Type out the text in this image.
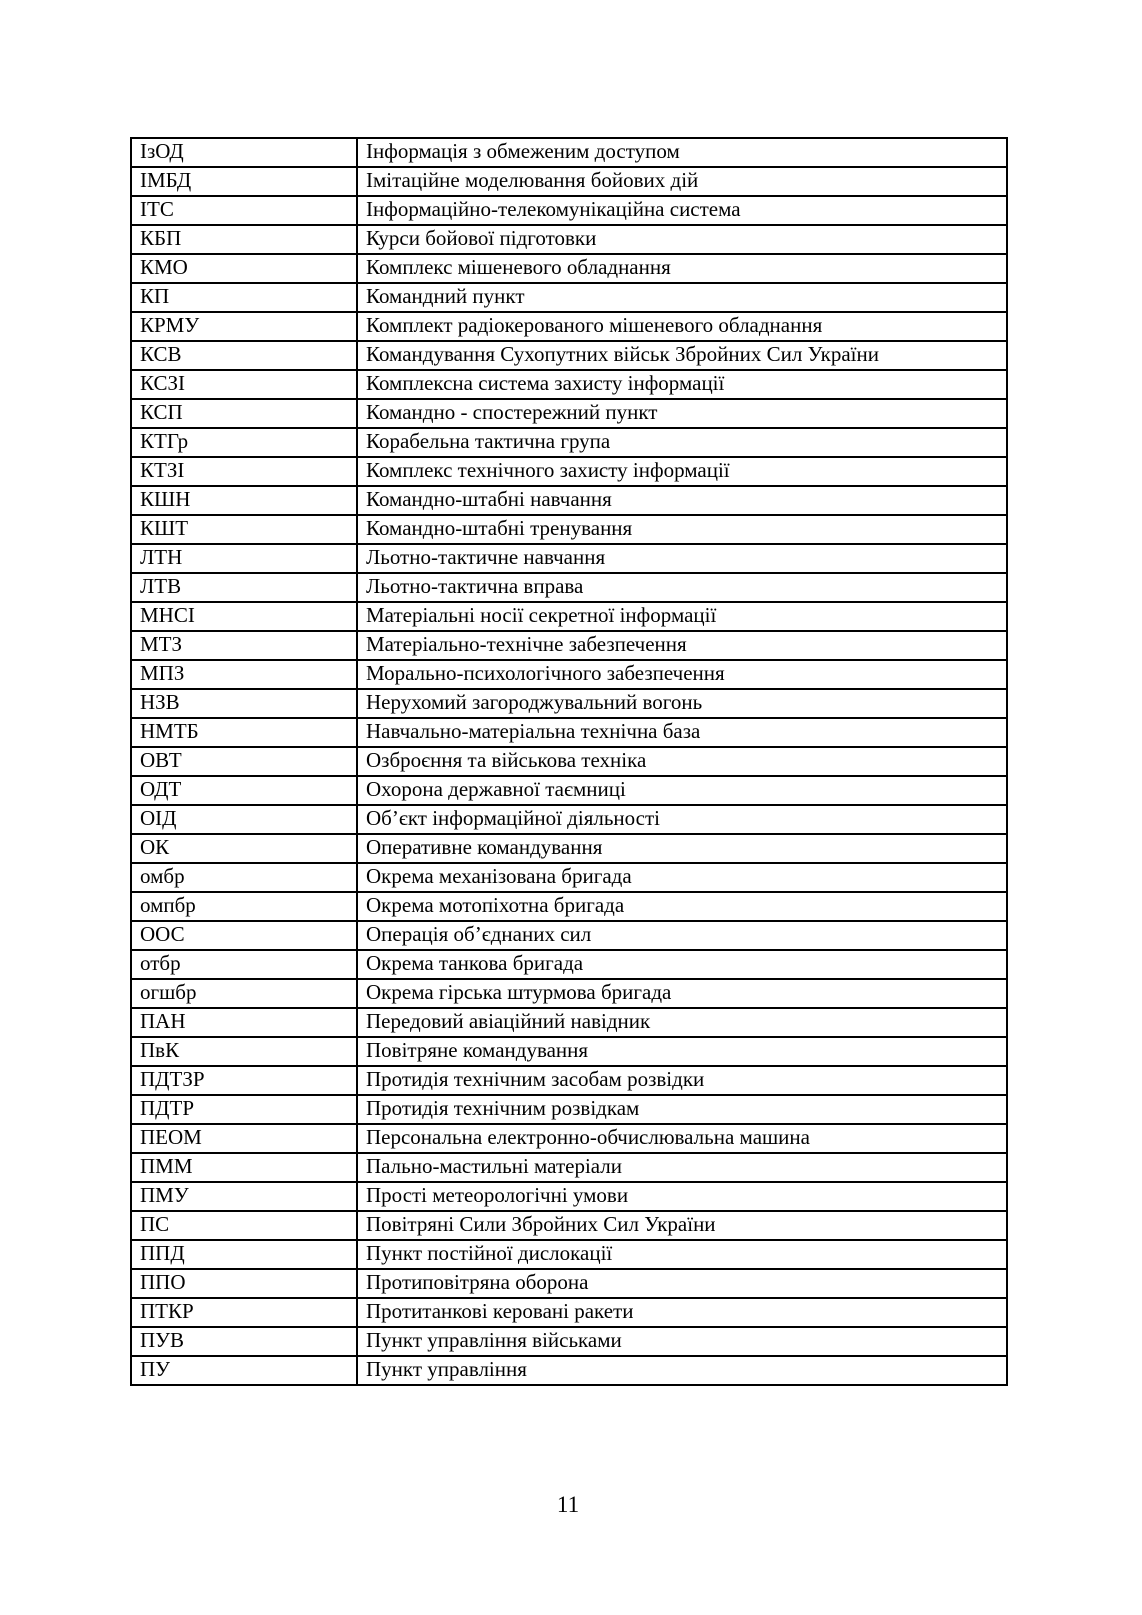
ІзОД	Інформація з обмеженим доступом
ІМБД	Імітаційне моделювання бойових дій
ІТС	Інформаційно-телекомунікаційна система
КБП	Курси бойової підготовки
КМО	Комплекс мішеневого обладнання
КП	Командний пункт
КРМУ	Комплект радіокерованого мішеневого обладнання
КСВ	Командування Сухопутних військ Збройних Сил України
КСЗІ	Комплексна система захисту інформації
КСП	Командно - спостережний пункт
КТГр	Корабельна тактична група
КТЗІ	Комплекс технічного захисту інформації
КШН	Командно-штабні навчання
КШТ	Командно-штабні тренування
ЛТН	Льотно-тактичне навчання
ЛТВ	Льотно-тактична вправа
МНСІ	Матеріальні носії секретної інформації
МТЗ	Матеріально-технічне забезпечення
МПЗ	Морально-психологічного забезпечення
НЗВ	Нерухомий загороджувальний вогонь
НМТБ	Навчально-матеріальна технічна база
ОВТ	Озброєння та військова техніка
ОДТ	Охорона державної таємниці
ОІД	Об’єкт інформаційної діяльності
ОК	Оперативне командування
омбр	Окрема механізована бригада
омпбр	Окрема мотопіхотна бригада
ООС	Операція об’єднаних сил
отбр	Окрема танкова бригада
огшбр	Окрема гірська штурмова бригада
ПАН	Передовий авіаційний навідник
ПвК	Повітряне командування
ПДТЗР	Протидія технічним засобам розвідки
ПДТР	Протидія технічним розвідкам
ПЕОМ	Персональна електронно-обчислювальна машина
ПММ	Пально-мастильні матеріали
ПМУ	Прості метеорологічні умови
ПС	Повітряні Сили Збройних Сил України
ППД	Пункт постійної дислокації
ППО	Протиповітряна оборона
ПТКР	Протитанкові керовані ракети
ПУВ	Пункт управління військами
ПУ	Пункт управління
11
